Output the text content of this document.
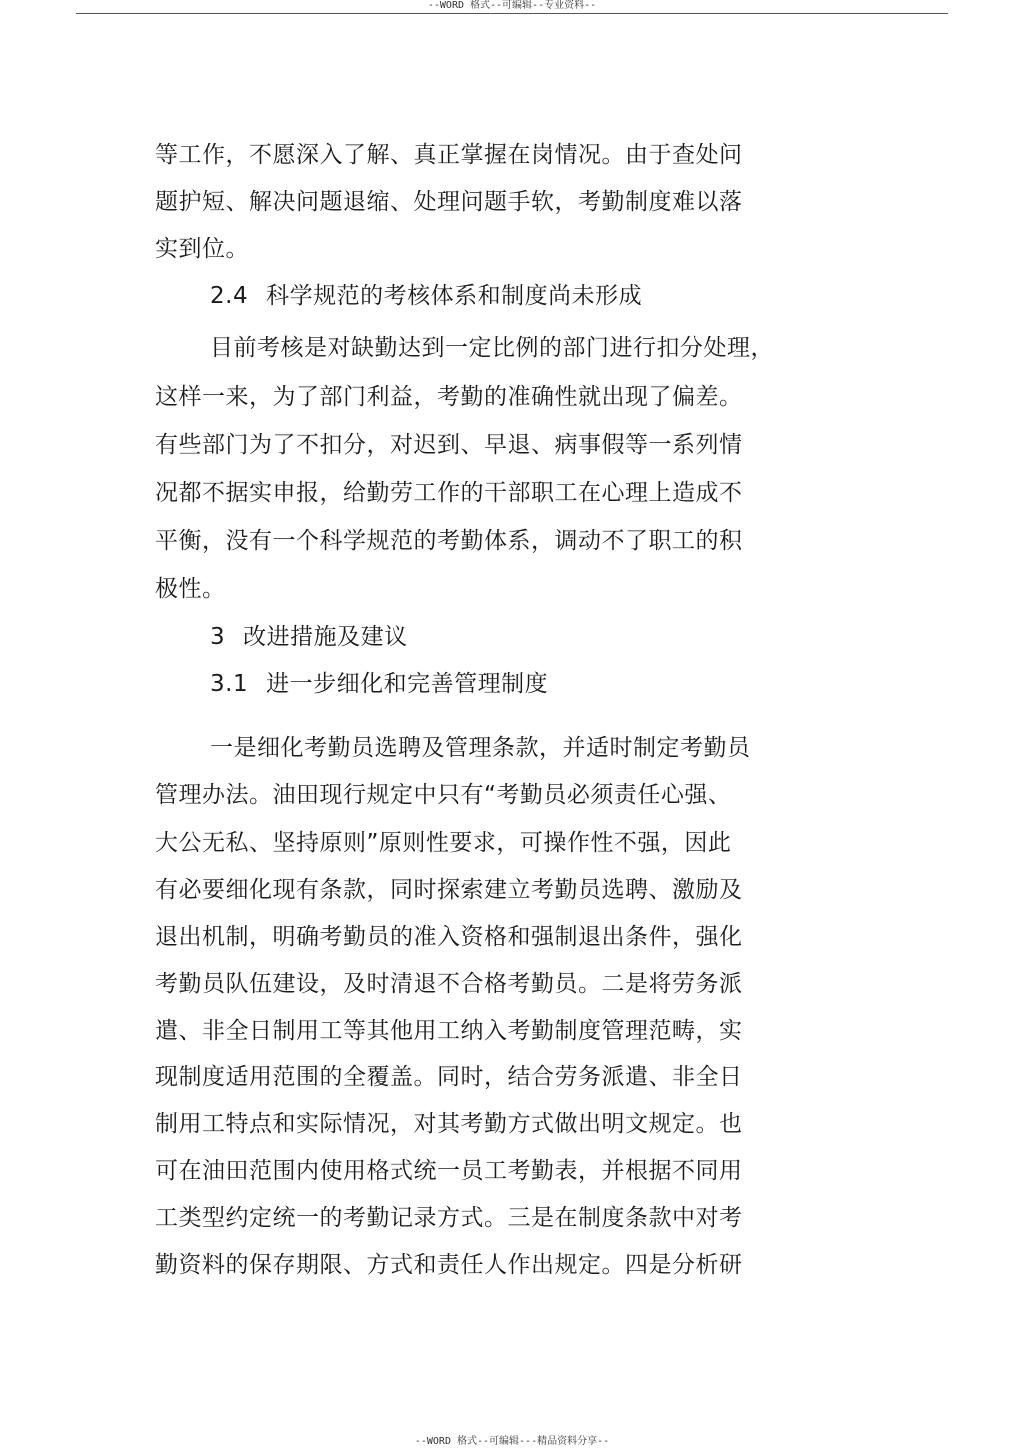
--WORD 格式--可编辑--专业资料--
等工作，不愿深入了解、真正掌握在岗情况。由于查处问
题护短、解决问题退缩、处理问题手软，考勤制度难以落
实到位。
2.4 科学规范的考核体系和制度尚未形成
目前考核是对缺勤达到一定比例的部门进行扣分处理，
这样一来，为了部门利益，考勤的准确性就出现了偏差。
有些部门为了不扣分，对迟到、早退、病事假等一系列情
况都不据实申报，给勤劳工作的干部职工在心理上造成不
平衡，没有一个科学规范的考勤体系，调动不了职工的积
极性。
3 改进措施及建议
3.1 进一步细化和完善管理制度
一是细化考勤员选聘及管理条款，并适时制定考勤员
管理办法。油田现行规定中只有“考勤员必须责任心强、
大公无私、坚持原则”原则性要求，可操作性不强，因此
有必要细化现有条款，同时探索建立考勤员选聘、激励及
退出机制，明确考勤员的准入资格和强制退出条件，强化
考勤员队伍建设，及时清退不合格考勤员。二是将劳务派
遣、非全日制用工等其他用工纳入考勤制度管理范畴，实
现制度适用范围的全覆盖。同时，结合劳务派遣、非全日
制用工特点和实际情况，对其考勤方式做出明文规定。也
可在油田范围内使用格式统一员工考勤表，并根据不同用
工类型约定统一的考勤记录方式。三是在制度条款中对考
勤资料的保存期限、方式和责任人作出规定。四是分析研
--WORD 格式--可编辑---精品资料分享--
